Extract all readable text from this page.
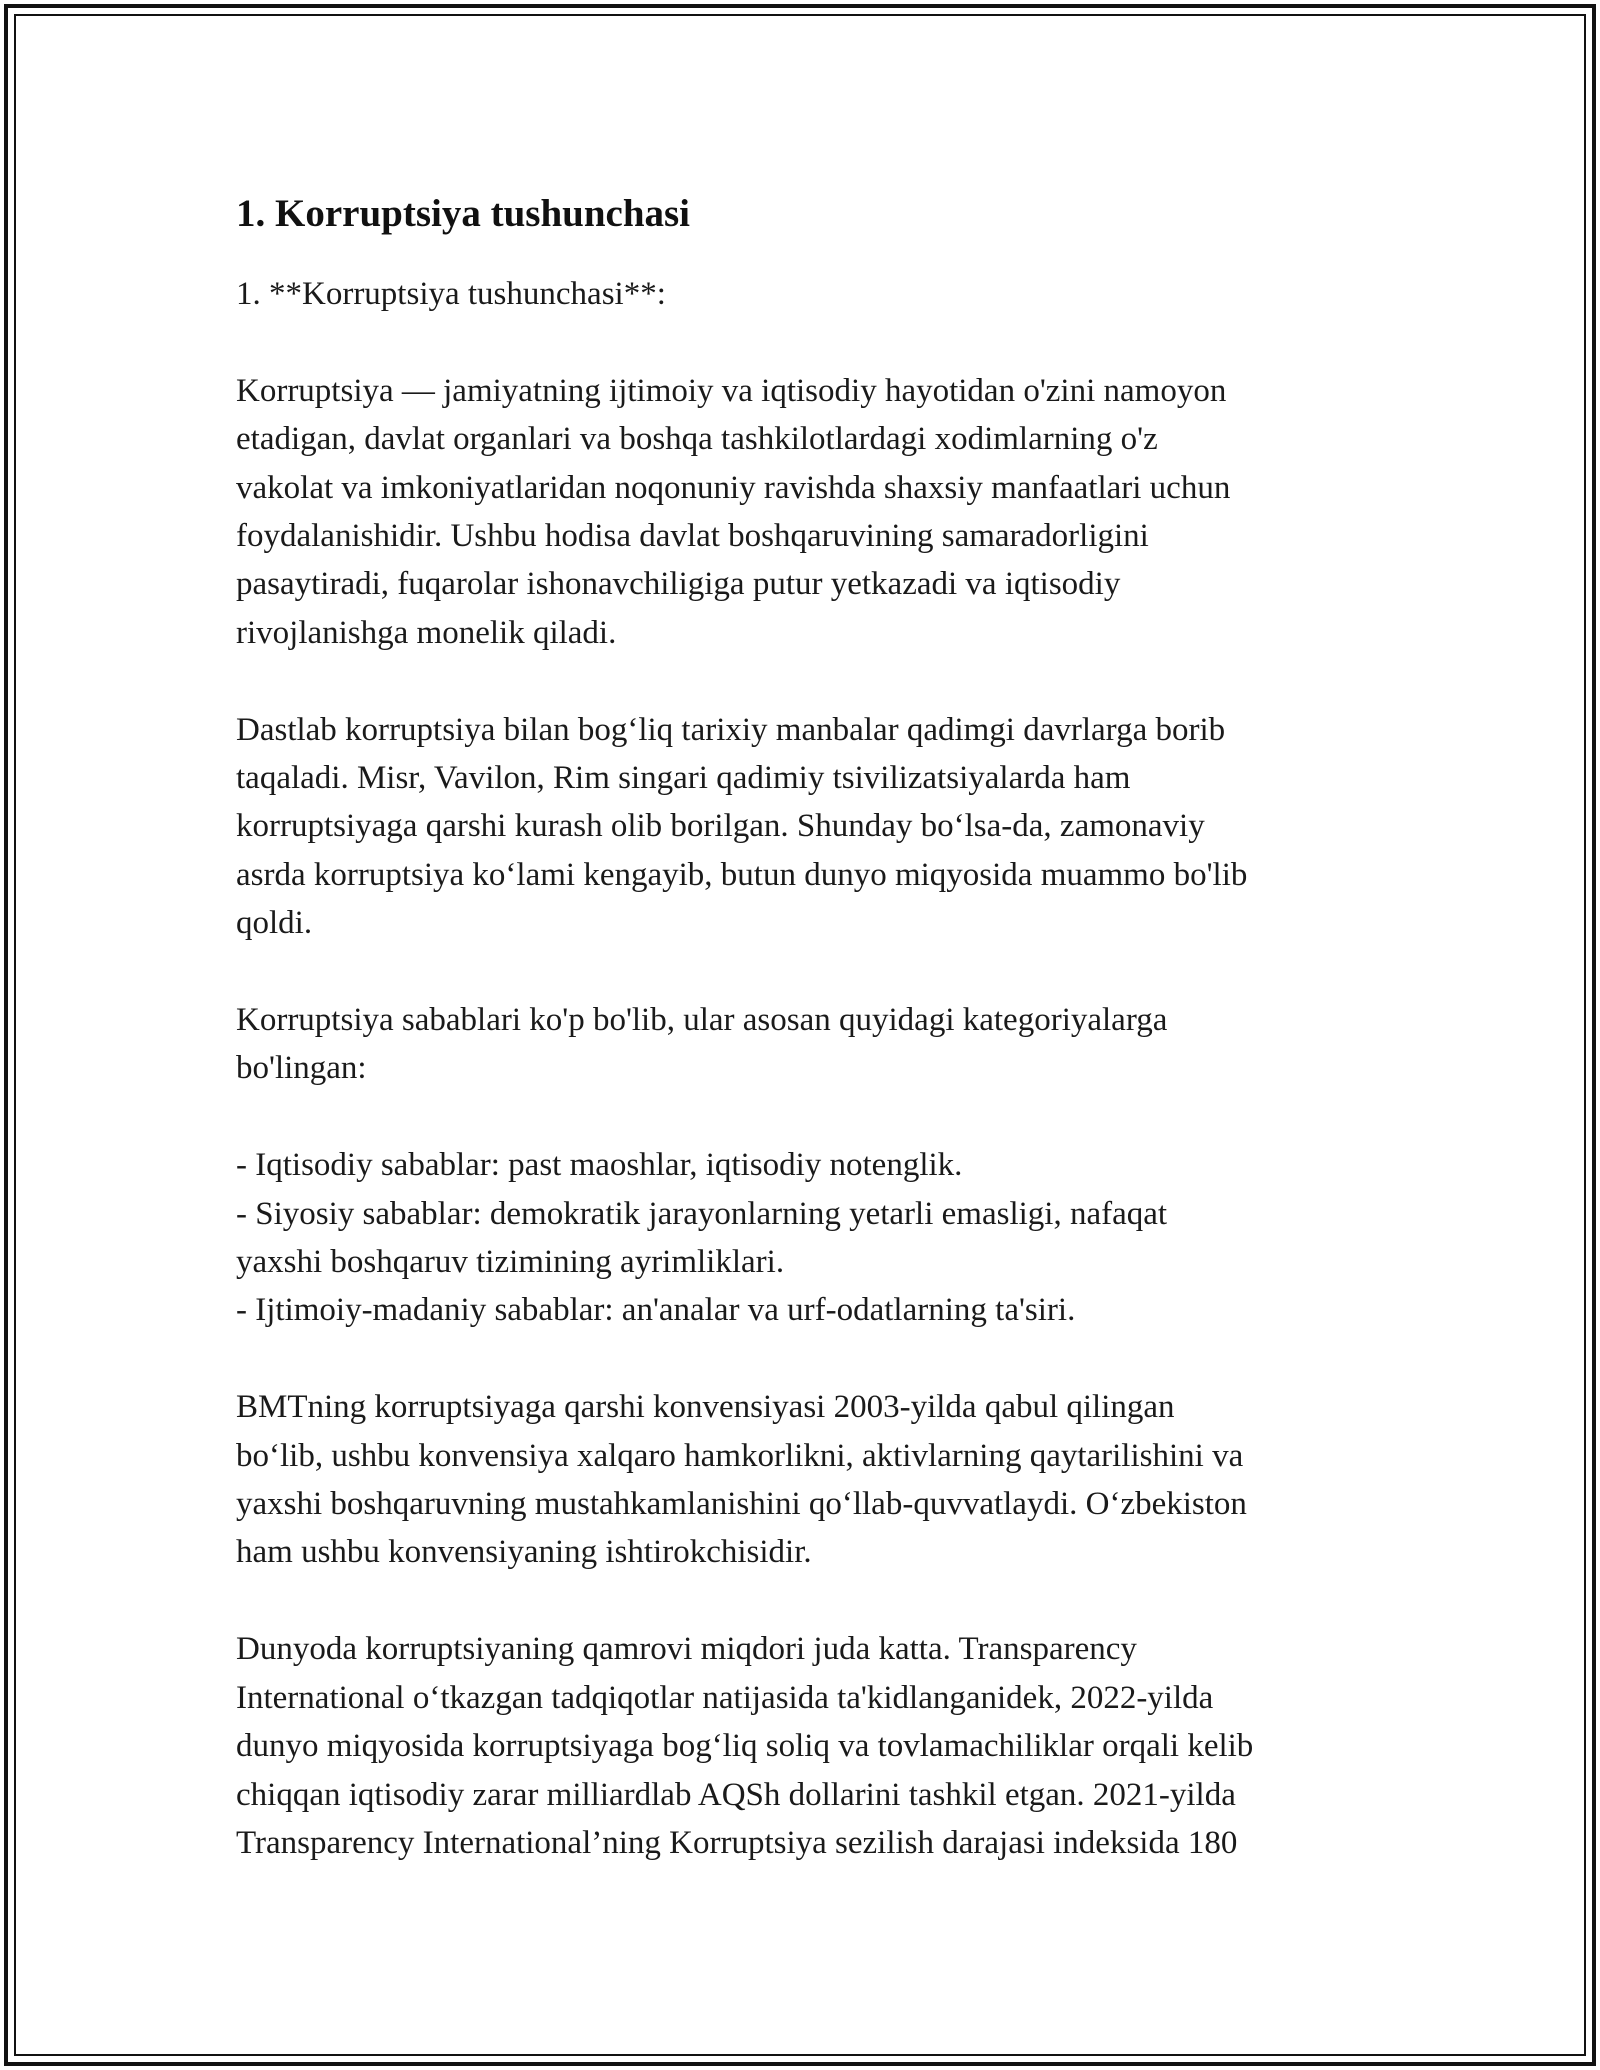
1. Korruptsiya tushunchasi

1. **Korruptsiya tushunchasi**:

Korruptsiya — jamiyatning ijtimoiy va iqtisodiy hayotidan o'zini namoyon
etadigan, davlat organlari va boshqa tashkilotlardagi xodimlarning o'z
vakolat va imkoniyatlaridan noqonuniy ravishda shaxsiy manfaatlari uchun
foydalanishidir. Ushbu hodisa davlat boshqaruvining samaradorligini
pasaytiradi, fuqarolar ishonavchiligiga putur yetkazadi va iqtisodiy
rivojlanishga monelik qiladi.

Dastlab korruptsiya bilan bog‘liq tarixiy manbalar qadimgi davrlarga borib
taqaladi. Misr, Vavilon, Rim singari qadimiy tsivilizatsiyalarda ham
korruptsiyaga qarshi kurash olib borilgan. Shunday bo‘lsa-da, zamonaviy
asrda korruptsiya ko‘lami kengayib, butun dunyo miqyosida muammo bo'lib
qoldi.

Korruptsiya sabablari ko'p bo'lib, ular asosan quyidagi kategoriyalarga
bo'lingan:

- Iqtisodiy sabablar: past maoshlar, iqtisodiy notenglik.
- Siyosiy sabablar: demokratik jarayonlarning yetarli emasligi, nafaqat
yaxshi boshqaruv tizimining ayrimliklari.
- Ijtimoiy-madaniy sabablar: an'analar va urf-odatlarning ta'siri.

BMTning korruptsiyaga qarshi konvensiyasi 2003-yilda qabul qilingan
bo‘lib, ushbu konvensiya xalqaro hamkorlikni, aktivlarning qaytarilishini va
yaxshi boshqaruvning mustahkamlanishini qo‘llab-quvvatlaydi. O‘zbekiston
ham ushbu konvensiyaning ishtirokchisidir.

Dunyoda korruptsiyaning qamrovi miqdori juda katta. Transparency
International o‘tkazgan tadqiqotlar natijasida ta'kidlanganidek, 2022-yilda
dunyo miqyosida korruptsiyaga bog‘liq soliq va tovlamachiliklar orqali kelib
chiqqan iqtisodiy zarar milliardlab AQSh dollarini tashkil etgan. 2021-yilda
Transparency International’ning Korruptsiya sezilish darajasi indeksida 180
